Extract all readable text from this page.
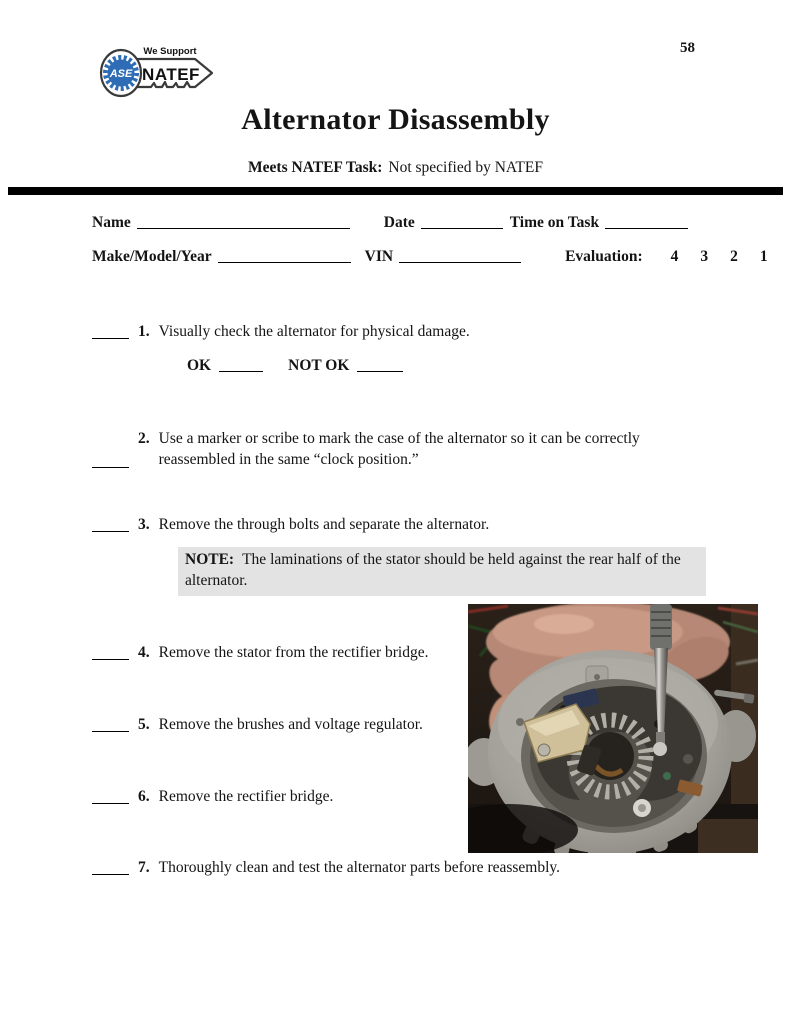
58
ASE
We Support
NATEF
Alternator Disassembly
Meets NATEF Task: Not specified by NATEF
Name	Date	Time on Task
Make/Model/Year	VIN	Evaluation: 4 3 2 1
1. Visually check the alternator for physical damage.
OK	NOT OK
2. Use a marker or scribe to mark the case of the alternator so it can be correctly reassembled in the same “clock position.”
3. Remove the through bolts and separate the alternator.
NOTE: The laminations of the stator should be held against the rear half of the alternator.
4. Remove the stator from the rectifier bridge.
5. Remove the brushes and voltage regulator.
6. Remove the rectifier bridge.
7. Thoroughly clean and test the alternator parts before reassembly.
